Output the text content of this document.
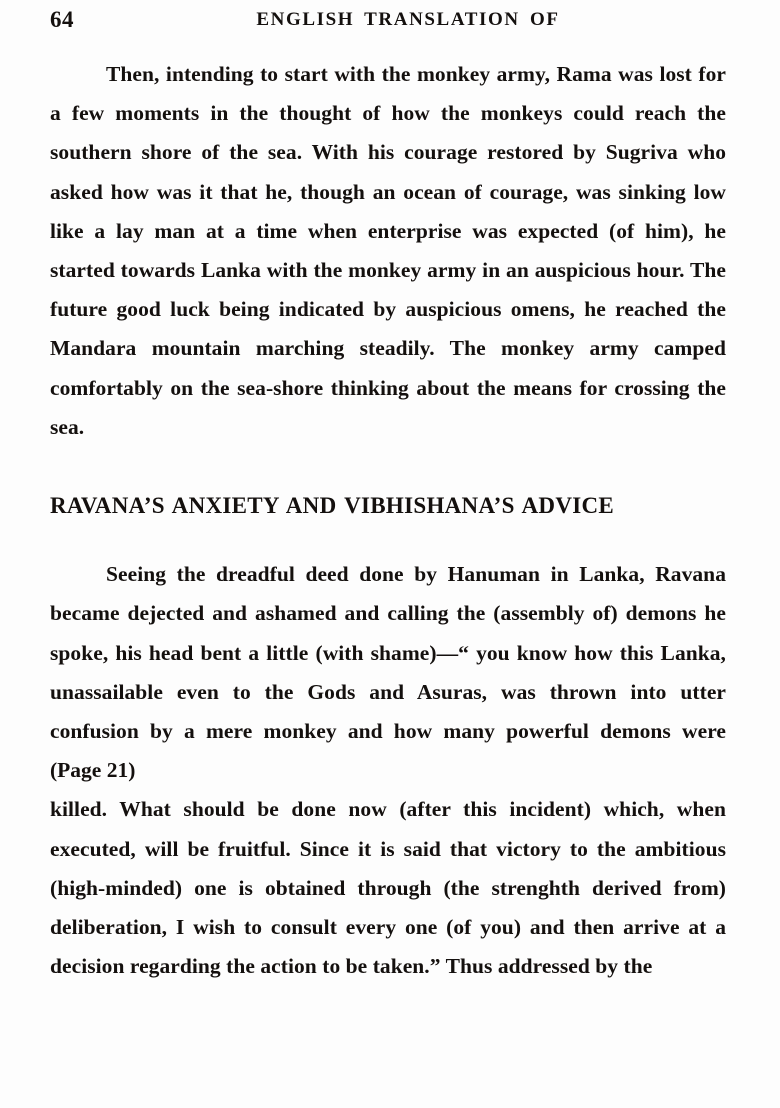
64	ENGLISH TRANSLATION OF

Then, intending to start with the monkey army, Rama was lost for a few moments in the thought of how the monkeys could reach the southern shore of the sea. With his courage restored by Sugriva who asked how was it that he, though an ocean of courage, was sinking low like a lay man at a time when enterprise was expected (of him), he started towards Lanka with the monkey army in an auspicious hour. The future good luck being indicated by auspicious omens, he reached the Mandara mountain marching steadily. The monkey army camped comfortably on the sea-shore thinking about the means for crossing the sea.

RAVANA’S ANXIETY AND VIBHISHANA’S ADVICE

Seeing the dreadful deed done by Hanuman in Lanka, Ravana became dejected and ashamed and calling the (assembly of) demons he spoke, his head bent a little (with shame)—“ you know how this Lanka, unassailable even to the Gods and Asuras, was thrown into utter confusion by a mere monkey and how many powerful demons were

(Page 21)

killed. What should be done now (after this incident) which, when executed, will be fruitful. Since it is said that victory to the ambitious (high-minded) one is obtained through (the strenghth derived from) deliberation, I wish to consult every one (of you) and then arrive at a decision regarding the action to be taken.” Thus addressed by the
